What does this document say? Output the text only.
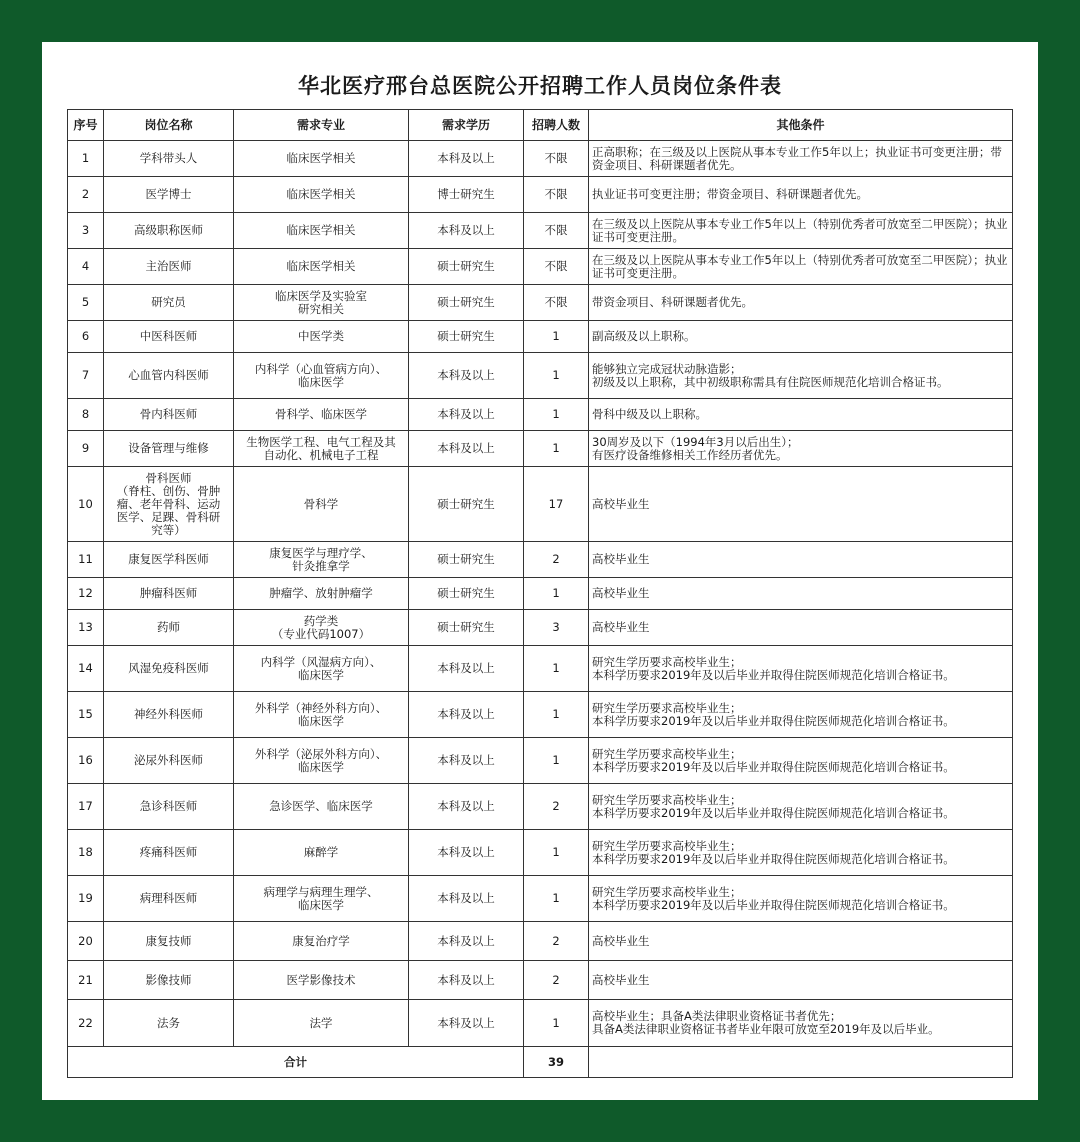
华北医疗邢台总医院公开招聘工作人员岗位条件表
序号	岗位名称	需求专业	需求学历	招聘人数	其他条件
1	学科带头人	临床医学相关	本科及以上	不限	正高职称；在三级及以上医院从事本专业工作5年以上；执业证书可变更注册；带资金项目、科研课题者优先。
2	医学博士	临床医学相关	博士研究生	不限	执业证书可变更注册；带资金项目、科研课题者优先。
3	高级职称医师	临床医学相关	本科及以上	不限	在三级及以上医院从事本专业工作5年以上（特别优秀者可放宽至二甲医院）；执业证书可变更注册。
4	主治医师	临床医学相关	硕士研究生	不限	在三级及以上医院从事本专业工作5年以上（特别优秀者可放宽至二甲医院）；执业证书可变更注册。
5	研究员	临床医学及实验室
研究相关	硕士研究生	不限	带资金项目、科研课题者优先。
6	中医科医师	中医学类	硕士研究生	1	副高级及以上职称。
7	心血管内科医师	内科学（心血管病方向）、
临床医学	本科及以上	1	能够独立完成冠状动脉造影；
初级及以上职称，其中初级职称需具有住院医师规范化培训合格证书。
8	骨内科医师	骨科学、临床医学	本科及以上	1	骨科中级及以上职称。
9	设备管理与维修	生物医学工程、电气工程及其
自动化、机械电子工程	本科及以上	1	30周岁及以下（1994年3月以后出生）；
有医疗设备维修相关工作经历者优先。
10	骨科医师
（脊柱、创伤、骨肿
瘤、老年骨科、运动
医学、足踝、骨科研
究等）	骨科学	硕士研究生	17	高校毕业生
11	康复医学科医师	康复医学与理疗学、
针灸推拿学	硕士研究生	2	高校毕业生
12	肿瘤科医师	肿瘤学、放射肿瘤学	硕士研究生	1	高校毕业生
13	药师	药学类
（专业代码1007）	硕士研究生	3	高校毕业生
14	风湿免疫科医师	内科学（风湿病方向）、
临床医学	本科及以上	1	研究生学历要求高校毕业生；
本科学历要求2019年及以后毕业并取得住院医师规范化培训合格证书。
15	神经外科医师	外科学（神经外科方向）、
临床医学	本科及以上	1	研究生学历要求高校毕业生；
本科学历要求2019年及以后毕业并取得住院医师规范化培训合格证书。
16	泌尿外科医师	外科学（泌尿外科方向）、
临床医学	本科及以上	1	研究生学历要求高校毕业生；
本科学历要求2019年及以后毕业并取得住院医师规范化培训合格证书。
17	急诊科医师	急诊医学、临床医学	本科及以上	2	研究生学历要求高校毕业生；
本科学历要求2019年及以后毕业并取得住院医师规范化培训合格证书。
18	疼痛科医师	麻醉学	本科及以上	1	研究生学历要求高校毕业生；
本科学历要求2019年及以后毕业并取得住院医师规范化培训合格证书。
19	病理科医师	病理学与病理生理学、
临床医学	本科及以上	1	研究生学历要求高校毕业生；
本科学历要求2019年及以后毕业并取得住院医师规范化培训合格证书。
20	康复技师	康复治疗学	本科及以上	2	高校毕业生
21	影像技师	医学影像技术	本科及以上	2	高校毕业生
22	法务	法学	本科及以上	1	高校毕业生；具备A类法律职业资格证书者优先；
具备A类法律职业资格证书者毕业年限可放宽至2019年及以后毕业。
合计				39	
